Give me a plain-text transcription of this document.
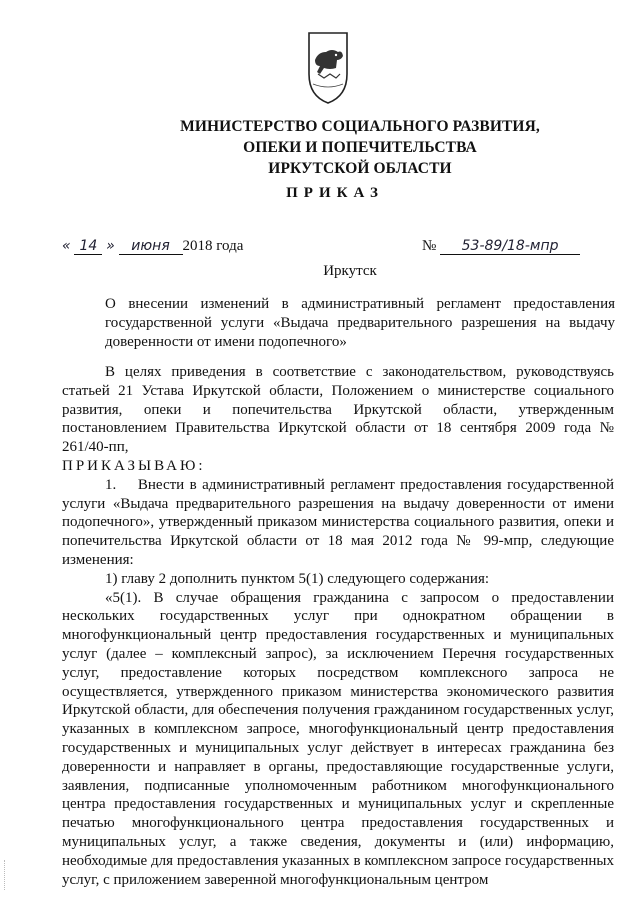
МИНИСТЕРСТВО СОЦИАЛЬНОГО РАЗВИТИЯ,
ОПЕКИ И ПОПЕЧИТЕЛЬСТВА
ИРКУТСКОЙ ОБЛАСТИ
ПРИКАЗ
« 14 » июня 2018 года	№ 53-89/18-мпр
Иркутск
О внесении изменений в административный регламент предоставления государственной услуги «Выдача предварительного разрешения на выдачу доверенности от имени подопечного»

В целях приведения в соответствие с законодательством, руководствуясь статьей 21 Устава Иркутской области, Положением о министерстве социального развития, опеки и попечительства Иркутской области, утвержденным постановлением Правительства Иркутской области от 18 сентября 2009 года № 261/40-пп,

ПРИКАЗЫВАЮ:

1.    Внести в административный регламент предоставления государственной услуги «Выдача предварительного разрешения на выдачу доверенности от имени подопечного», утвержденный приказом министерства социального развития, опеки и попечительства Иркутской области от 18 мая 2012 года № 99-мпр, следующие изменения:

1) главу 2 дополнить пунктом 5(1) следующего содержания:

«5(1). В случае обращения гражданина с запросом о предоставлении нескольких государственных услуг при однократном обращении в многофункциональный центр предоставления государственных и муниципальных услуг (далее – комплексный запрос), за исключением Перечня государственных услуг, предоставление которых посредством комплексного запроса не осуществляется, утвержденного приказом министерства экономического развития Иркутской области, для обеспечения получения гражданином государственных услуг, указанных в комплексном запросе, многофункциональный центр предоставления государственных и муниципальных услуг действует в интересах гражданина без доверенности и направляет в органы, предоставляющие государственные услуги, заявления, подписанные уполномоченным работником многофункционального центра предоставления государственных и муниципальных услуг и скрепленные печатью многофункционального центра предоставления государственных и муниципальных услуг, а также сведения, документы и (или) информацию, необходимые для предоставления указанных в комплексном запросе государственных услуг, с приложением заверенной многофункциональным центром
